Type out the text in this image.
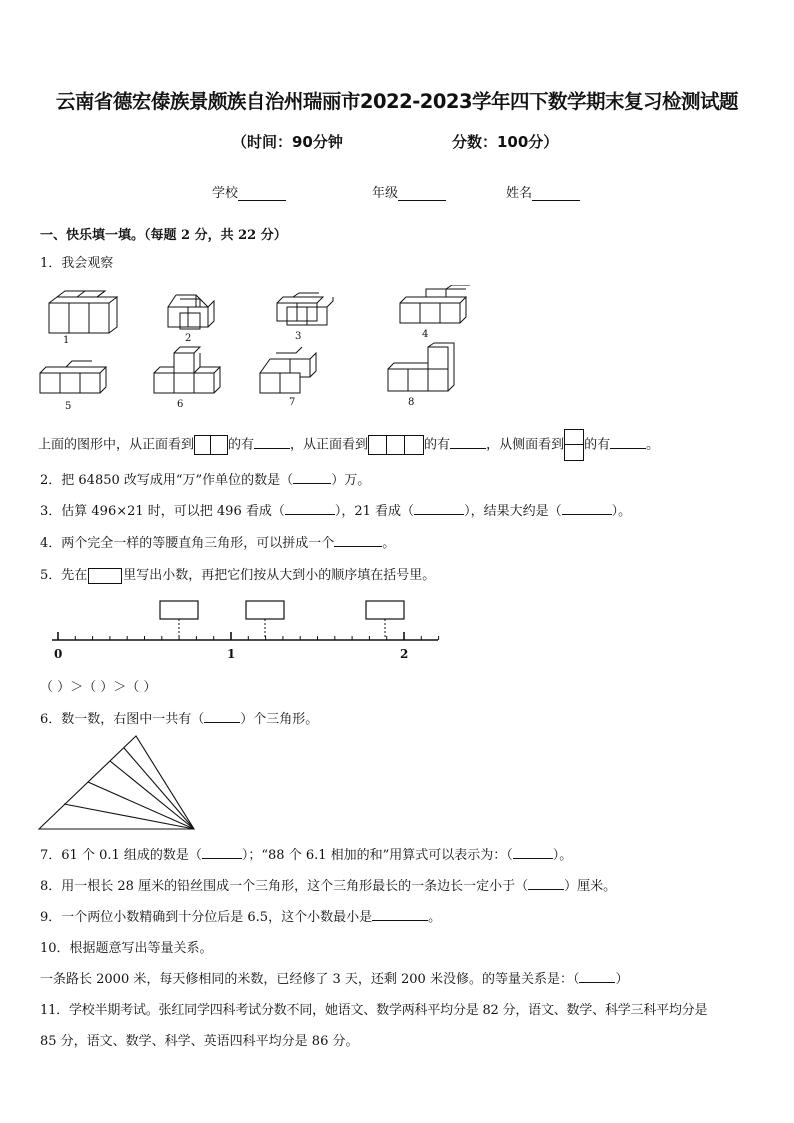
云南省德宏傣族景颇族自治州瑞丽市2022-2023学年四下数学期末复习检测试题
（时间：90分钟	分数：100分）
学校	年级	姓名
一、快乐填一填。（每题 2 分，共 22 分）
1．我会观察
1	2	3	4
5	6	7	8
上面的图形中，从正面看到	的有	，从正面看到	的有	，从侧面看到 的有	。
2．把 64850 改写成用“万”作单位的数是（	）万。
3．估算 496×21 时，可以把 496 看成（	），21 看成（	），结果大约是（	）。
4．两个完全一样的等腰直角三角形，可以拼成一个	。
5．先在	里写出小数，再把它们按从大到小的顺序填在括号里。
0	1	2
（ ）＞（ ）＞（ ）
6．数一数，右图中一共有（	）个三角形。
7．61 个 0.1 组成的数是（	）；“88 个 6.1 相加的和”用算式可以表示为：（	）。
8．用一根长 28 厘米的铅丝围成一个三角形，这个三角形最长的一条边长一定小于（	）厘米。
9．一个两位小数精确到十分位后是 6.5，这个小数最小是	。
10．根据题意写出等量关系。
一条路长 2000 米，每天修相同的米数，已经修了 3 天，还剩 200 米没修。的等量关系是：（	）
11．学校半期考试。张红同学四科考试分数不同，她语文、数学两科平均分是 82 分，语文、数学、科学三科平均分是
85 分，语文、数学、科学、英语四科平均分是 86 分。
